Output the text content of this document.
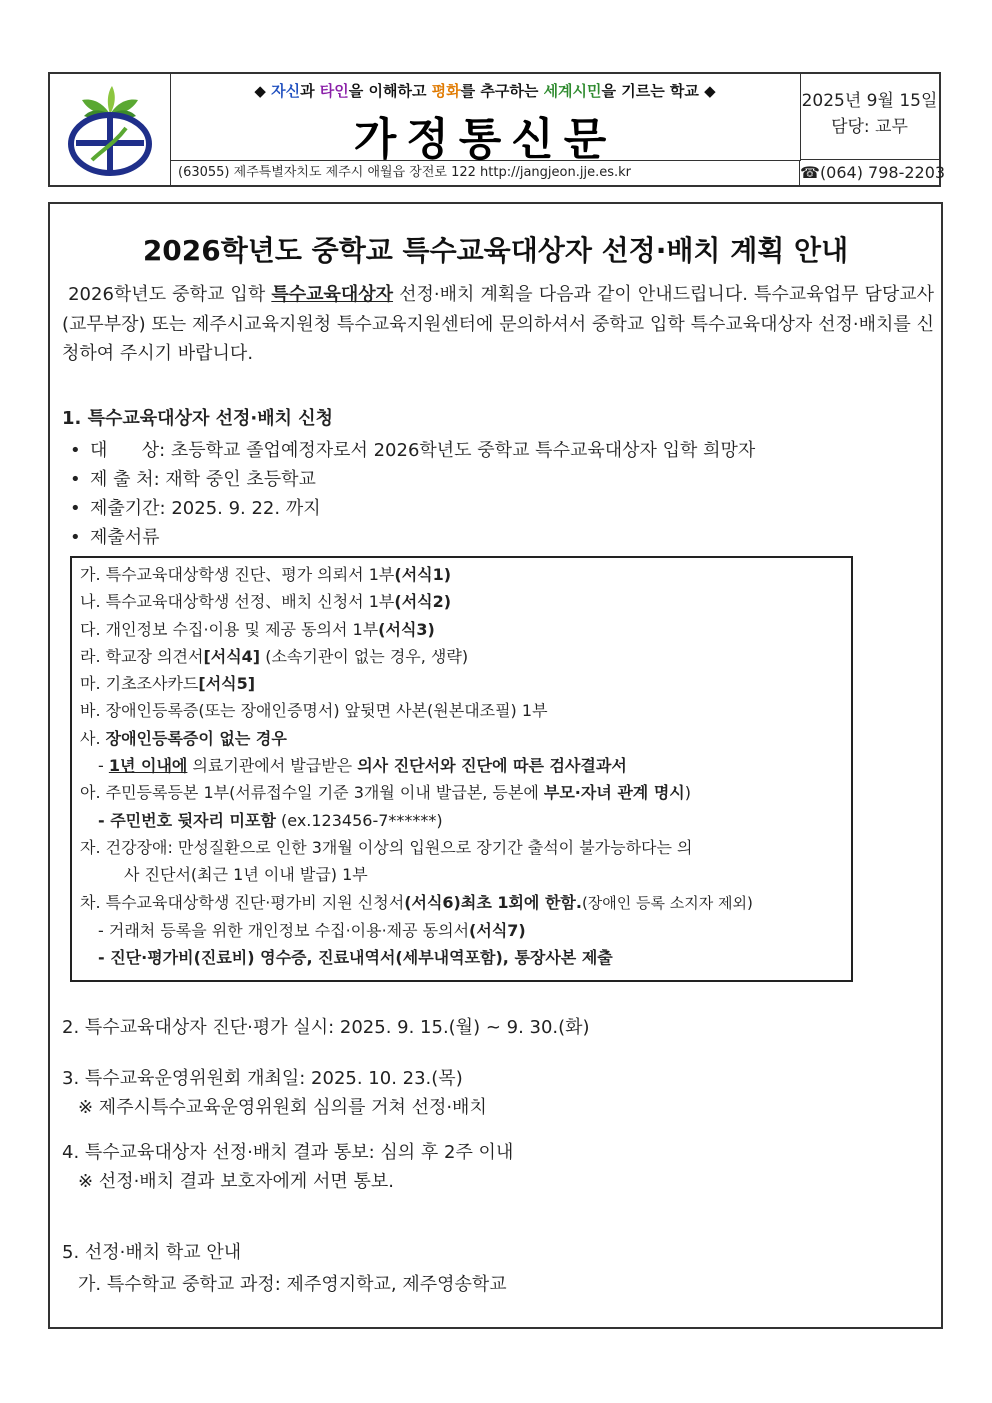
◆ 자신과 타인을 이해하고 평화를 추구하는 세계시민을 기르는 학교 ◆
가정통신문
(63055) 제주특별자치도 제주시 애월읍 장전로 122 http://jangjeon.jje.es.kr
2025년 9월 15일
담당: 교무
☎(064) 798-2203
2026학년도 중학교 특수교육대상자 선정·배치 계획 안내
2026학년도 중학교 입학 특수교육대상자 선정·배치 계획을 다음과 같이 안내드립니다. 특수교육업무 담당교사(교무부장) 또는 제주시교육지원청 특수교육지원센터에 문의하셔서 중학교 입학 특수교육대상자 선정·배치를 신청하여 주시기 바랍니다.
1. 특수교육대상자 선정·배치 신청
• 대      상: 초등학교 졸업예정자로서 2026학년도 중학교 특수교육대상자 입학 희망자
• 제 출 처: 재학 중인 초등학교
• 제출기간: 2025. 9. 22. 까지
• 제출서류
가. 특수교육대상학생 진단、평가 의뢰서 1부(서식1)
나. 특수교육대상학생 선정、배치 신청서 1부(서식2)
다. 개인정보 수집·이용 및 제공 동의서 1부(서식3)
라. 학교장 의견서[서식4] (소속기관이 없는 경우, 생략)
마. 기초조사카드[서식5]
바. 장애인등록증(또는 장애인증명서) 앞뒷면 사본(원본대조필) 1부
사. 장애인등록증이 없는 경우
- 1년 이내에 의료기관에서 발급받은 의사 진단서와 진단에 따른 검사결과서
아. 주민등록등본 1부(서류접수일 기준 3개월 이내 발급본, 등본에 부모·자녀 관계 명시)
- 주민번호 뒷자리 미포함 (ex.123456-7******)
자. 건강장애: 만성질환으로 인한 3개월 이상의 입원으로 장기간 출석이 불가능하다는 의
사 진단서(최근 1년 이내 발급) 1부
차. 특수교육대상학생 진단·평가비 지원 신청서(서식6)최초 1회에 한함.(장애인 등록 소지자 제외)
- 거래처 등록을 위한 개인정보 수집·이용·제공 동의서(서식7)
- 진단·평가비(진료비) 영수증, 진료내역서(세부내역포함), 통장사본 제출
2. 특수교육대상자 진단·평가 실시: 2025. 9. 15.(월) ~ 9. 30.(화)
3. 특수교육운영위원회 개최일: 2025. 10. 23.(목)
※ 제주시특수교육운영위원회 심의를 거쳐 선정·배치
4. 특수교육대상자 선정·배치 결과 통보: 심의 후 2주 이내
※ 선정·배치 결과 보호자에게 서면 통보.
5. 선정·배치 학교 안내
가. 특수학교 중학교 과정: 제주영지학교, 제주영송학교
